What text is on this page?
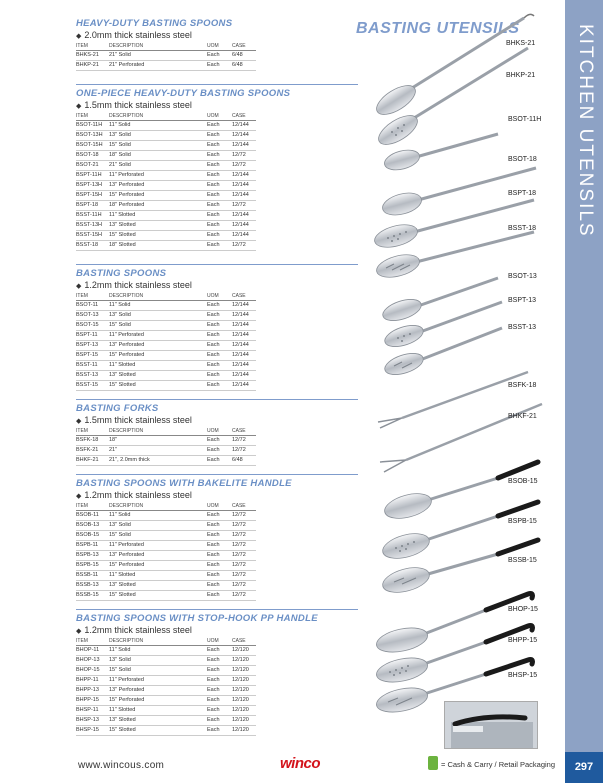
KITCHEN UTENSILS
297
BASTING UTENSILS
HEAVY-DUTY BASTING SPOONS
◆ 2.0mm thick stainless steel
ITEM	DESCRIPTION	UOM	CASE
BHKS-21	21" Solid	Each	6/48
BHKP-21	21" Perforated	Each	6/48
ONE-PIECE HEAVY-DUTY BASTING SPOONS
◆ 1.5mm thick stainless steel
ITEM	DESCRIPTION	UOM	CASE
BSOT-11H	11" Solid	Each	12/144
BSOT-13H	13" Solid	Each	12/144
BSOT-15H	15" Solid	Each	12/144
BSOT-18	18" Solid	Each	12/72
BSOT-21	21" Solid	Each	12/72
BSPT-11H	11" Perforated	Each	12/144
BSPT-13H	13" Perforated	Each	12/144
BSPT-15H	15" Perforated	Each	12/144
BSPT-18	18" Perforated	Each	12/72
BSST-11H	11" Slotted	Each	12/144
BSST-13H	13" Slotted	Each	12/144
BSST-15H	15" Slotted	Each	12/144
BSST-18	18" Slotted	Each	12/72
BASTING SPOONS
◆ 1.2mm thick stainless steel
ITEM	DESCRIPTION	UOM	CASE
BSOT-11	11" Solid	Each	12/144
BSOT-13	13" Solid	Each	12/144
BSOT-15	15" Solid	Each	12/144
BSPT-11	11" Perforated	Each	12/144
BSPT-13	13" Perforated	Each	12/144
BSPT-15	15" Perforated	Each	12/144
BSST-11	11" Slotted	Each	12/144
BSST-13	13" Slotted	Each	12/144
BSST-15	15" Slotted	Each	12/144
BASTING FORKS
◆ 1.5mm thick stainless steel
ITEM	DESCRIPTION	UOM	CASE
BSFK-18	18"	Each	12/72
BSFK-21	21"	Each	12/72
BHKF-21	21", 2.0mm thick	Each	6/48
BASTING SPOONS WITH BAKELITE HANDLE
◆ 1.2mm thick stainless steel
ITEM	DESCRIPTION	UOM	CASE
BSOB-11	11" Solid	Each	12/72
BSOB-13	13" Solid	Each	12/72
BSOB-15	15" Solid	Each	12/72
BSPB-11	11" Perforated	Each	12/72
BSPB-13	13" Perforated	Each	12/72
BSPB-15	15" Perforated	Each	12/72
BSSB-11	11" Slotted	Each	12/72
BSSB-13	13" Slotted	Each	12/72
BSSB-15	15" Slotted	Each	12/72
BASTING SPOONS WITH STOP-HOOK PP HANDLE
◆ 1.2mm thick stainless steel
ITEM	DESCRIPTION	UOM	CASE
BHOP-11	11" Solid	Each	12/120
BHOP-13	13" Solid	Each	12/120
BHOP-15	15" Solid	Each	12/120
BHPP-11	11" Perforated	Each	12/120
BHPP-13	13" Perforated	Each	12/120
BHPP-15	15" Perforated	Each	12/120
BHSP-11	11" Slotted	Each	12/120
BHSP-13	13" Slotted	Each	12/120
BHSP-15	15" Slotted	Each	12/120
BHKS-21
BHKP-21
BSOT-11H
BSOT-18
BSPT-18
BSST-18
BSOT-13
BSPT-13
BSST-13
BSFK-18
BHKF-21
BSOB-15
BSPB-15
BSSB-15
BHOP-15
BHPP-15
BHSP-15
www.wincous.com	winco	= Cash & Carry / Retail Packaging
